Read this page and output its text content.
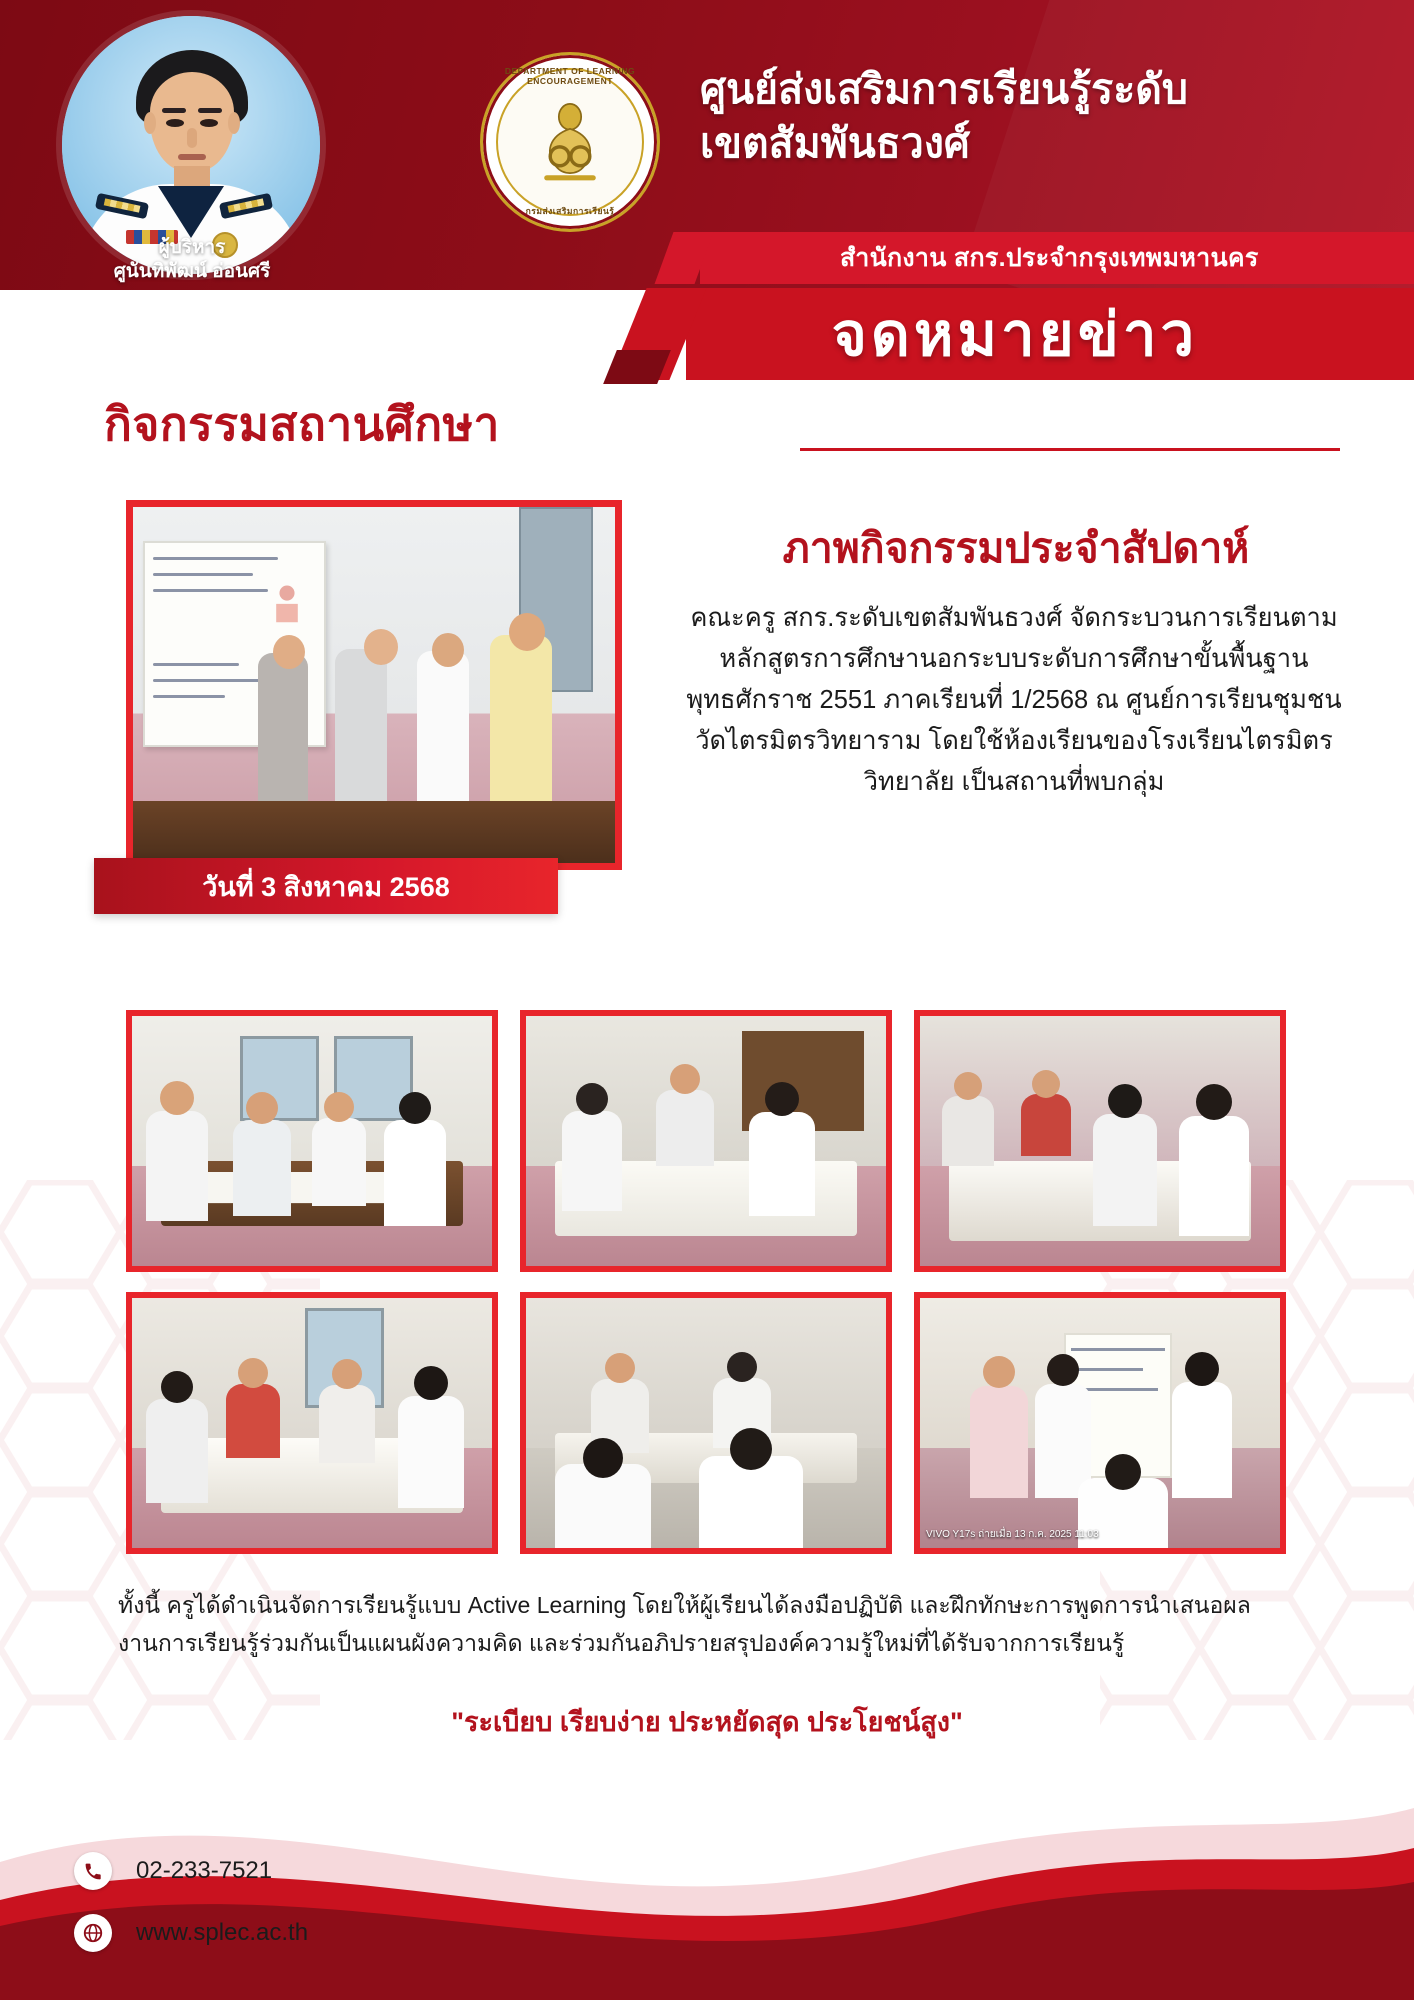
ผู้บริหาร
ศูนันทิพัฒน์ อ่อนศรี
DEPARTMENT OF LEARNING ENCOURAGEMENT
กรมส่งเสริมการเรียนรู้
ศูนย์ส่งเสริมการเรียนรู้ระดับ
เขตสัมพันธวงศ์
สำนักงาน สกร.ประจำกรุงเทพมหานคร
จดหมายข่าว
กิจกรรมสถานศึกษา
วันที่ 3 สิงหาคม 2568
ภาพกิจกรรมประจำสัปดาห์
คณะครู สกร.ระดับเขตสัมพันธวงศ์ จัดกระบวนการเรียนตามหลักสูตรการศึกษานอกระบบระดับการศึกษาขั้นพื้นฐาน พุทธศักราช 2551 ภาคเรียนที่ 1/2568 ณ ศูนย์การเรียนชุมชนวัดไตรมิตรวิทยาราม โดยใช้ห้องเรียนของโรงเรียนไตรมิตรวิทยาลัย เป็นสถานที่พบกลุ่ม
VIVO Y17s ถ่ายเมื่อ 13 ก.ค. 2025 11:03
ทั้งนี้ ครูได้ดำเนินจัดการเรียนรู้แบบ Active Learning โดยให้ผู้เรียนได้ลงมือปฏิบัติ และฝึกทักษะการพูดการนำเสนอผลงานการเรียนรู้ร่วมกันเป็นแผนผังความคิด และร่วมกันอภิปรายสรุปองค์ความรู้ใหม่ที่ได้รับจากการเรียนรู้
"ระเบียบ เรียบง่าย ประหยัดสุด ประโยชน์สูง"
02-233-7521
www.splec.ac.th
